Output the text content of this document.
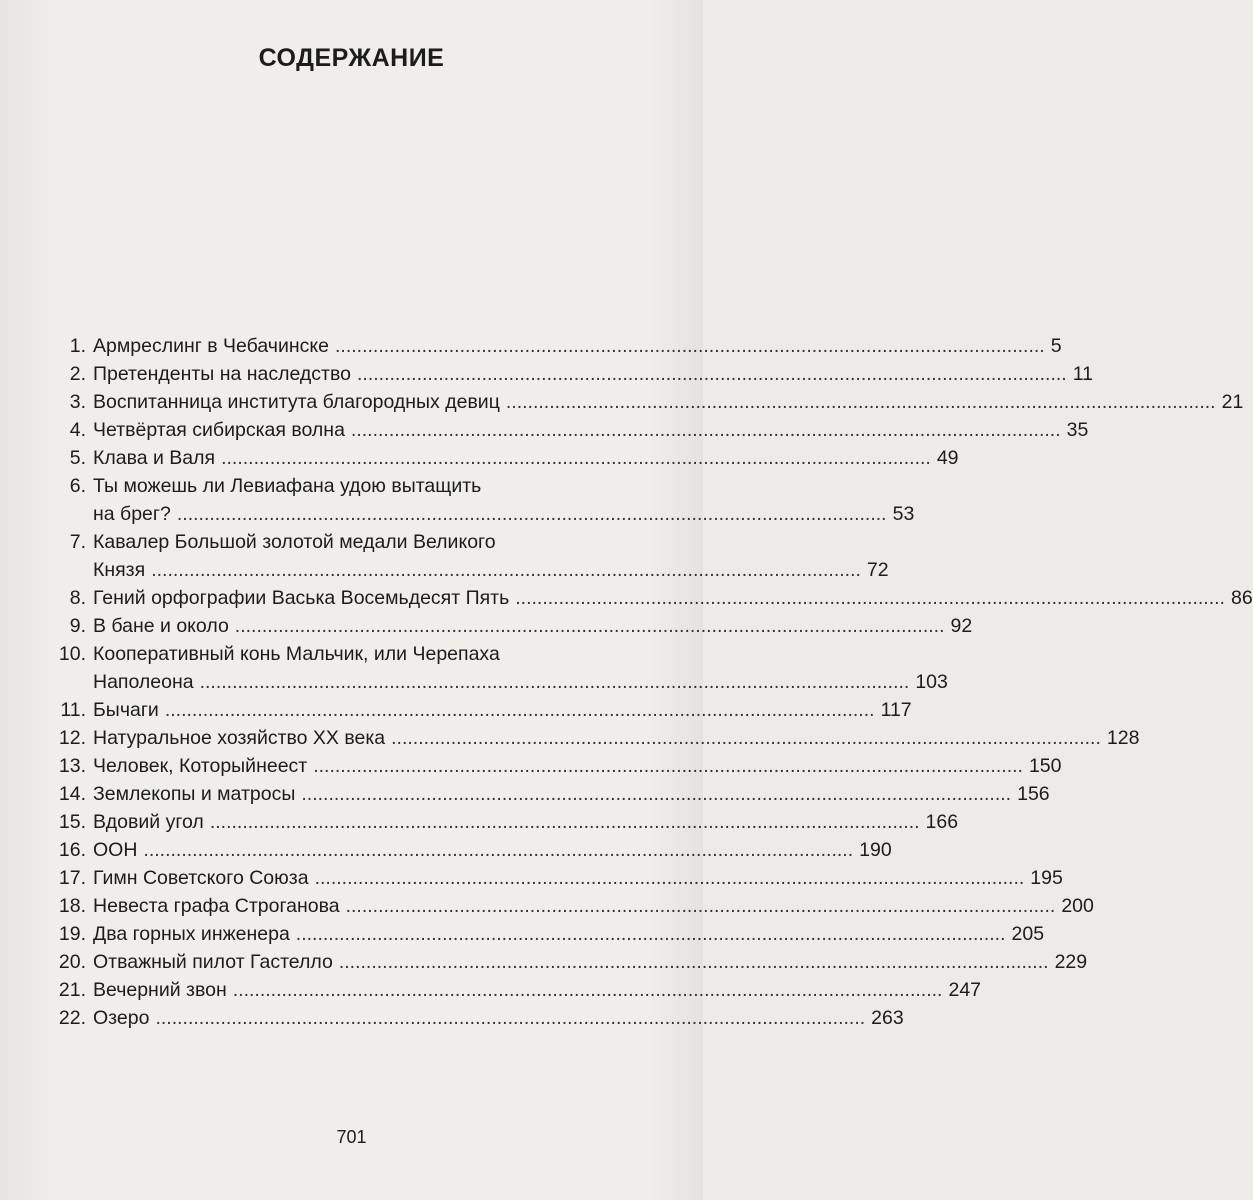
СОДЕРЖАНИЕ
1. Армреслинг в Чебачинске ................................................................................................................................... 5
2. Претенденты на наследство ................................................................................................................................... 11
3. Воспитанница института благородных девиц ................................................................................................................................... 21
4. Четвёртая сибирская волна ................................................................................................................................... 35
5. Клава и Валя ................................................................................................................................... 49
6. Ты можешь ли Левиафана удою вытащить
на брег? ................................................................................................................................... 53
7. Кавалер Большой золотой медали Великого
Князя ................................................................................................................................... 72
8. Гений орфографии Васька Восемьдесят Пять ................................................................................................................................... 86
9. В бане и около ................................................................................................................................... 92
10. Кооперативный конь Мальчик, или Черепаха
Наполеона ................................................................................................................................... 103
11. Бычаги ................................................................................................................................... 117
12. Натуральное хозяйство XX века ................................................................................................................................... 128
13. Человек, Которыйнеест ................................................................................................................................... 150
14. Землекопы и матросы ................................................................................................................................... 156
15. Вдовий угол ................................................................................................................................... 166
16. ООН ................................................................................................................................... 190
17. Гимн Советского Союза ................................................................................................................................... 195
18. Невеста графа Строганова ................................................................................................................................... 200
19. Два горных инженера ................................................................................................................................... 205
20. Отважный пилот Гастелло ................................................................................................................................... 229
21. Вечерний звон ................................................................................................................................... 247
22. Озеро ................................................................................................................................... 263
701
